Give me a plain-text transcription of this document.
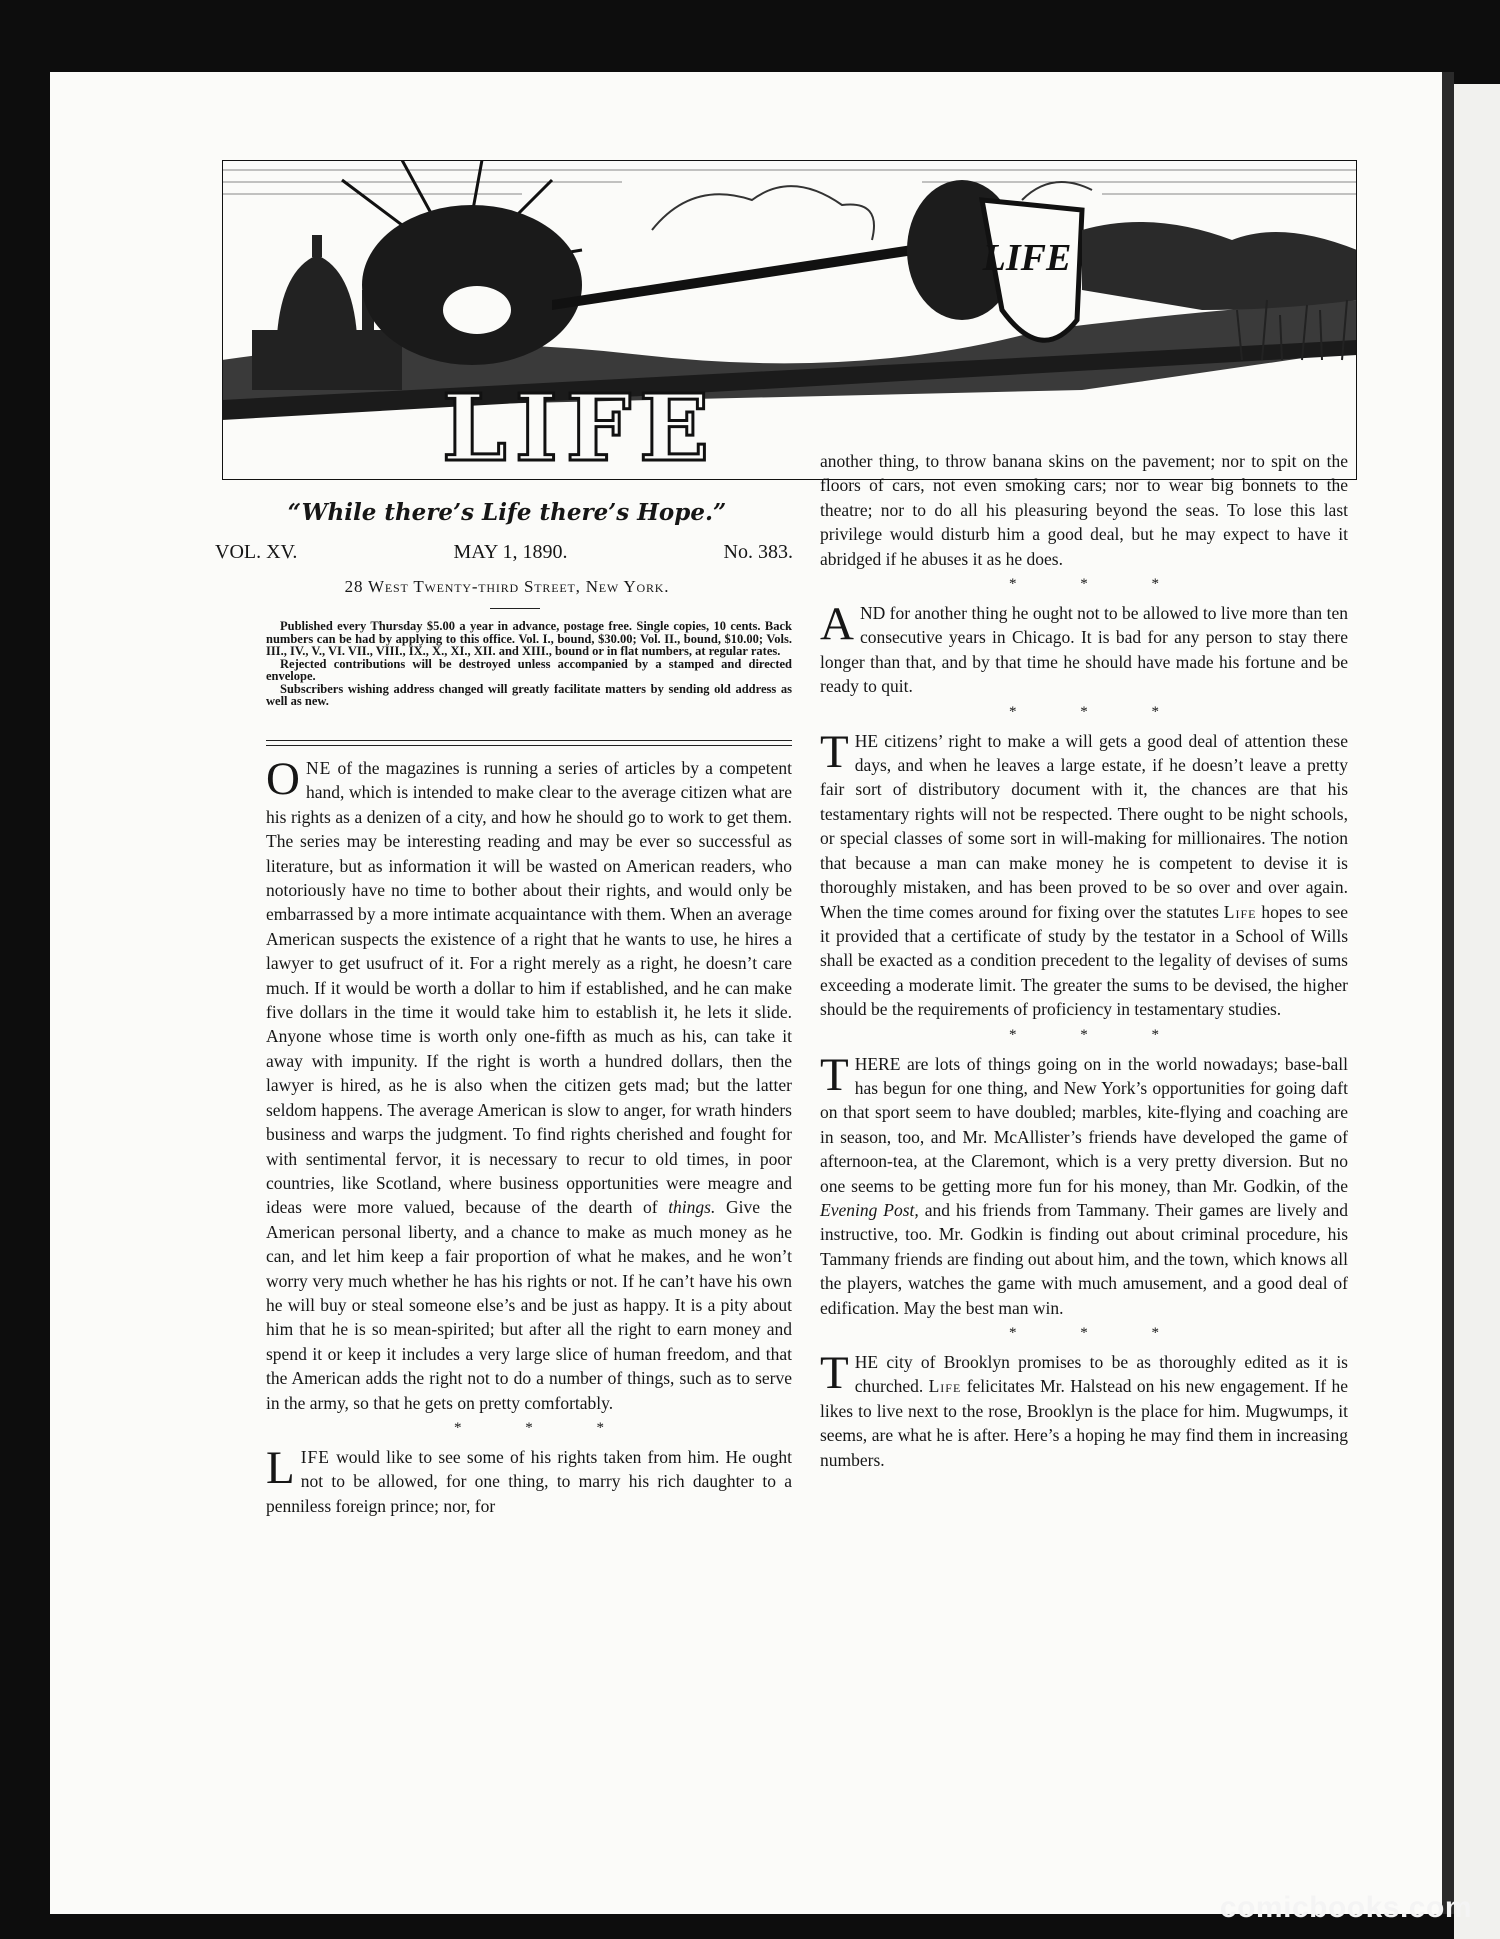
LIFE
LIFE
“While there’s Life there’s Hope.”
VOL. XV.	MAY 1, 1890.	No. 383.
28 West Twenty-third Street, New York.

Published every Thursday $5.00 a year in advance, postage free. Single copies, 10 cents. Back numbers can be had by applying to this office. Vol. I., bound, $30.00; Vol. II., bound, $10.00; Vols. III., IV., V., VI. VII., VIII., IX., X., XI., XII. and XIII., bound or in flat numbers, at regular rates.

Rejected contributions will be destroyed unless accompanied by a stamped and directed envelope.

Subscribers wishing address changed will greatly facilitate matters by sending old address as well as new.

ONE of the magazines is running a series of articles by a competent hand, which is intended to make clear to the average citizen what are his rights as a denizen of a city, and how he should go to work to get them. The series may be interesting reading and may be ever so successful as literature, but as information it will be wasted on American readers, who notoriously have no time to bother about their rights, and would only be embarrassed by a more intimate acquaintance with them. When an average American suspects the existence of a right that he wants to use, he hires a lawyer to get usufruct of it. For a right merely as a right, he doesn’t care much. If it would be worth a dollar to him if established, and he can make five dollars in the time it would take him to establish it, he lets it slide. Anyone whose time is worth only one-fifth as much as his, can take it away with impunity. If the right is worth a hundred dollars, then the lawyer is hired, as he is also when the citizen gets mad; but the latter seldom happens. The average American is slow to anger, for wrath hinders business and warps the judgment. To find rights cherished and fought for with sentimental fervor, it is necessary to recur to old times, in poor countries, like Scotland, where business opportunities were meagre and ideas were more valued, because of the dearth of things. Give the American personal liberty, and a chance to make as much money as he can, and let him keep a fair proportion of what he makes, and he won’t worry very much whether he has his rights or not. If he can’t have his own he will buy or steal someone else’s and be just as happy. It is a pity about him that he is so mean-spirited; but after all the right to earn money and spend it or keep it includes a very large slice of human freedom, and that the American adds the right not to do a number of things, such as to serve in the army, so that he gets on pretty comfortably.

* * *

LIFE would like to see some of his rights taken from him. He ought not to be allowed, for one thing, to marry his rich daughter to a penniless foreign prince; nor, for

another thing, to throw banana skins on the pavement; nor to spit on the floors of cars, not even smoking cars; nor to wear big bonnets to the theatre; nor to do all his pleasuring beyond the seas. To lose this last privilege would disturb him a good deal, but he may expect to have it abridged if he abuses it as he does.

* * *

AND for another thing he ought not to be allowed to live more than ten consecutive years in Chicago. It is bad for any person to stay there longer than that, and by that time he should have made his fortune and be ready to quit.

* * *

THE citizens’ right to make a will gets a good deal of attention these days, and when he leaves a large estate, if he doesn’t leave a pretty fair sort of distributory document with it, the chances are that his testamentary rights will not be respected. There ought to be night schools, or special classes of some sort in will-making for millionaires. The notion that because a man can make money he is competent to devise it is thoroughly mistaken, and has been proved to be so over and over again. When the time comes around for fixing over the statutes Life hopes to see it provided that a certificate of study by the testator in a School of Wills shall be exacted as a condition precedent to the legality of devises of sums exceeding a moderate limit. The greater the sums to be devised, the higher should be the requirements of proficiency in testamentary studies.

* * *

THERE are lots of things going on in the world nowadays; base-ball has begun for one thing, and New York’s opportunities for going daft on that sport seem to have doubled; marbles, kite-flying and coaching are in season, too, and Mr. McAllister’s friends have developed the game of afternoon-tea, at the Claremont, which is a very pretty diversion. But no one seems to be getting more fun for his money, than Mr. Godkin, of the Evening Post, and his friends from Tammany. Their games are lively and instructive, too. Mr. Godkin is finding out about criminal procedure, his Tammany friends are finding out about him, and the town, which knows all the players, watches the game with much amusement, and a good deal of edification. May the best man win.

* * *

THE city of Brooklyn promises to be as thoroughly edited as it is churched. Life felicitates Mr. Halstead on his new engagement. If he likes to live next to the rose, Brooklyn is the place for him. Mugwumps, it seems, are what he is after. Here’s a hoping he may find them in increasing numbers.

comicbooks.com
